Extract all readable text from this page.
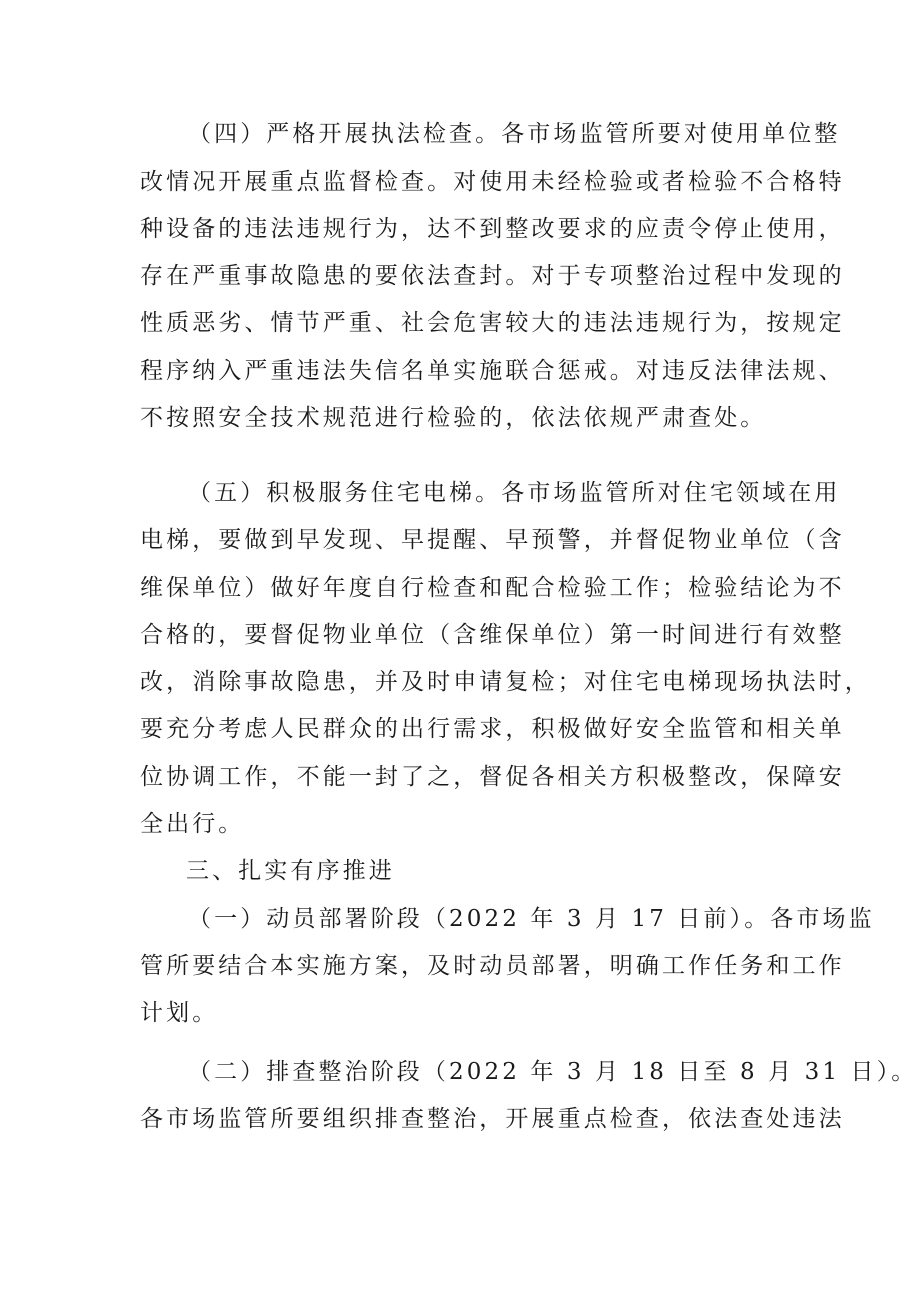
（四）严格开展执法检查。各市场监管所要对使用单位整
改情况开展重点监督检查。对使用未经检验或者检验不合格特
种设备的违法违规行为，达不到整改要求的应责令停止使用，
存在严重事故隐患的要依法查封。对于专项整治过程中发现的
性质恶劣、情节严重、社会危害较大的违法违规行为，按规定
程序纳入严重违法失信名单实施联合惩戒。对违反法律法规、
不按照安全技术规范进行检验的，依法依规严肃查处。
（五）积极服务住宅电梯。各市场监管所对住宅领域在用
电梯，要做到早发现、早提醒、早预警，并督促物业单位（含
维保单位）做好年度自行检查和配合检验工作；检验结论为不
合格的，要督促物业单位（含维保单位）第一时间进行有效整
改，消除事故隐患，并及时申请复检；对住宅电梯现场执法时，
要充分考虑人民群众的出行需求，积极做好安全监管和相关单
位协调工作，不能一封了之，督促各相关方积极整改，保障安
全出行。
三、扎实有序推进
（一）动员部署阶段（2022 年 3 月 17 日前）。各市场监
管所要结合本实施方案，及时动员部署，明确工作任务和工作
计划。
（二）排查整治阶段（2022 年 3 月 18 日至 8 月 31 日）。
各市场监管所要组织排查整治，开展重点检查，依法查处违法
